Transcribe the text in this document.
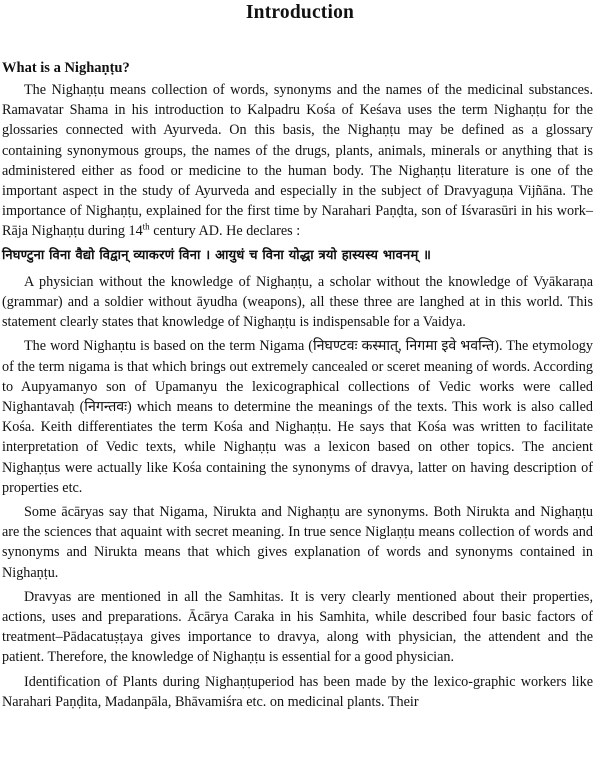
Introduction
What is a Nighaṇṭu?

The Nighaṇṭu means collection of words, synonyms and the names of the medicinal substances. Ramavatar Shama in his introduction to Kalpadru Kośa of Keśava uses the term Nighaṇṭu for the glossaries connected with Ayurveda. On this basis, the Nighaṇṭu may be defined as a glossary containing synonymous groups, the names of the drugs, plants, animals, minerals or anything that is administered either as food or medicine to the human body. The Nighaṇṭu literature is one of the important aspect in the study of Ayurveda and especially in the subject of Dravyaguṇa Vijñāna. The importance of Nighaṇṭu, explained for the first time by Narahari Paṇḍta, son of Iśvarasūri in his work–Rāja Nighaṇṭu during 14th century AD. He declares :

निघण्टुना विना वैद्यो विद्वान् व्याकरणं विना । आयुधं च विना योद्धा त्रयो हास्यस्य भावनम् ॥

A physician without the knowledge of Nighaṇṭu, a scholar without the knowledge of Vyākaraṇa (grammar) and a soldier without āyudha (weapons), all these three are langhed at in this world. This statement clearly states that knowledge of Nighaṇṭu is indispensable for a Vaidya.

The word Nighaṇtu is based on the term Nigama (निघण्टवः कस्मात्, निगमा इवे भवन्ति). The etymology of the term nigama is that which brings out extremely cancealed or sceret meaning of words. According to Aupyamanyo son of Upamanyu the lexicographical collections of Vedic works were called Nighantavaḥ (निगन्तवः) which means to determine the meanings of the texts. This work is also called Kośa. Keith differentiates the term Kośa and Nighaṇṭu. He says that Kośa was written to facilitate interpretation of Vedic texts, while Nighaṇṭu was a lexicon based on other topics. The ancient Nighaṇṭus were actually like Kośa containing the synonyms of dravya, latter on having description of properties etc.

Some ācāryas say that Nigama, Nirukta and Nighaṇṭu are synonyms. Both Nirukta and Nighaṇṭu are the sciences that aquaint with secret meaning. In true sence Niglaṇṭu means collection of words and synonyms and Nirukta means that which gives explanation of words and synonyms contained in Nighaṇṭu.

Dravyas are mentioned in all the Samhitas. It is very clearly mentioned about their properties, actions, uses and preparations. Ācārya Caraka in his Samhita, while described four basic factors of treatment–Pādacatuṣṭaya gives importance to dravya, along with physician, the attendent and the patient. Therefore, the knowledge of Nighaṇṭu is essential for a good physician.

Identification of Plants during Nighaṇṭuperiod has been made by the lexico-graphic workers like Narahari Paṇḍita, Madanpāla, Bhāvamiśra etc. on medicinal plants. Their
